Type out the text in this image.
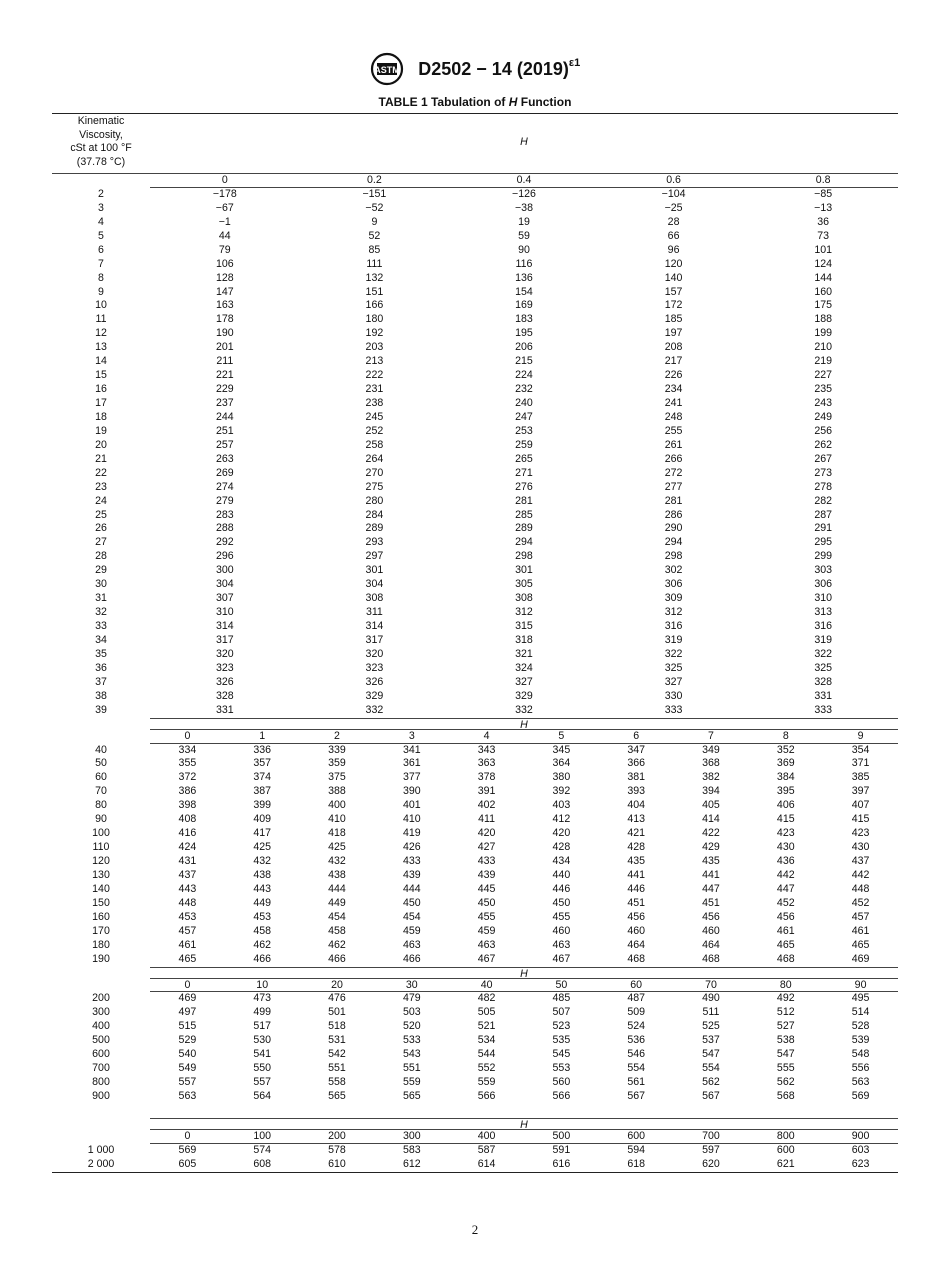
ASTM D2502 − 14 $(2019)^{\varepsilon 1}$
TABLE 1 Tabulation of H Function
Kinematic
Viscosity,
cSt at 100 °F
(37.78 °C)
H
0	0.2	0.4	0.6	0.8
2	−178	−151	−126	−104	−85
3	−67	−52	−38	−25	−13
4	−1	9	19	28	36
5	44	52	59	66	73
6	79	85	90	96	101
7	106	111	116	120	124
8	128	132	136	140	144
9	147	151	154	157	160
10	163	166	169	172	175
11	178	180	183	185	188
12	190	192	195	197	199
13	201	203	206	208	210
14	211	213	215	217	219
15	221	222	224	226	227
16	229	231	232	234	235
17	237	238	240	241	243
18	244	245	247	248	249
19	251	252	253	255	256
20	257	258	259	261	262
21	263	264	265	266	267
22	269	270	271	272	273
23	274	275	276	277	278
24	279	280	281	281	282
25	283	284	285	286	287
26	288	289	289	290	291
27	292	293	294	294	295
28	296	297	298	298	299
29	300	301	301	302	303
30	304	304	305	306	306
31	307	308	308	309	310
32	310	311	312	312	313
33	314	314	315	316	316
34	317	317	318	319	319
35	320	320	321	322	322
36	323	323	324	325	325
37	326	326	327	327	328
38	328	329	329	330	331
39	331	332	332	333	333
H
0	1	2	3	4	5	6	7	8	9
40	334	336	339	341	343	345	347	349	352	354
50	355	357	359	361	363	364	366	368	369	371
60	372	374	375	377	378	380	381	382	384	385
70	386	387	388	390	391	392	393	394	395	397
80	398	399	400	401	402	403	404	405	406	407
90	408	409	410	410	411	412	413	414	415	415
100	416	417	418	419	420	420	421	422	423	423
110	424	425	425	426	427	428	428	429	430	430
120	431	432	432	433	433	434	435	435	436	437
130	437	438	438	439	439	440	441	441	442	442
140	443	443	444	444	445	446	446	447	447	448
150	448	449	449	450	450	450	451	451	452	452
160	453	453	454	454	455	455	456	456	456	457
170	457	458	458	459	459	460	460	460	461	461
180	461	462	462	463	463	463	464	464	465	465
190	465	466	466	466	467	467	468	468	468	469
H
0	10	20	30	40	50	60	70	80	90
200	469	473	476	479	482	485	487	490	492	495
300	497	499	501	503	505	507	509	511	512	514
400	515	517	518	520	521	523	524	525	527	528
500	529	530	531	533	534	535	536	537	538	539
600	540	541	542	543	544	545	546	547	547	548
700	549	550	551	551	552	553	554	554	555	556
800	557	557	558	559	559	560	561	562	562	563
900	563	564	565	565	566	566	567	567	568	569
H
0	100	200	300	400	500	600	700	800	900
1 000	569	574	578	583	587	591	594	597	600	603
2 000	605	608	610	612	614	616	618	620	621	623
2
